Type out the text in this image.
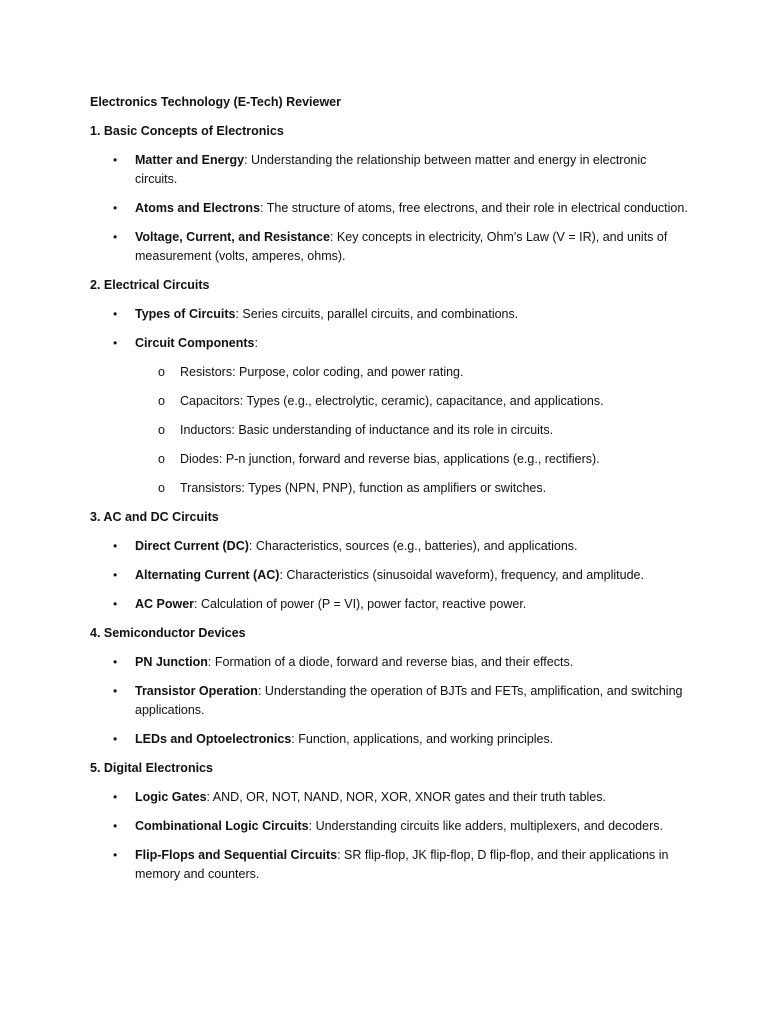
Electronics Technology (E-Tech) Reviewer
1. Basic Concepts of Electronics
• Matter and Energy: Understanding the relationship between matter and energy in electronic circuits.
• Atoms and Electrons: The structure of atoms, free electrons, and their role in electrical conduction.
• Voltage, Current, and Resistance: Key concepts in electricity, Ohm's Law (V = IR), and units of measurement (volts, amperes, ohms).
2. Electrical Circuits
• Types of Circuits: Series circuits, parallel circuits, and combinations.
• Circuit Components:
o Resistors: Purpose, color coding, and power rating.
o Capacitors: Types (e.g., electrolytic, ceramic), capacitance, and applications.
o Inductors: Basic understanding of inductance and its role in circuits.
o Diodes: P-n junction, forward and reverse bias, applications (e.g., rectifiers).
o Transistors: Types (NPN, PNP), function as amplifiers or switches.
3. AC and DC Circuits
• Direct Current (DC): Characteristics, sources (e.g., batteries), and applications.
• Alternating Current (AC): Characteristics (sinusoidal waveform), frequency, and amplitude.
• AC Power: Calculation of power (P = VI), power factor, reactive power.
4. Semiconductor Devices
• PN Junction: Formation of a diode, forward and reverse bias, and their effects.
• Transistor Operation: Understanding the operation of BJTs and FETs, amplification, and switching applications.
• LEDs and Optoelectronics: Function, applications, and working principles.
5. Digital Electronics
• Logic Gates: AND, OR, NOT, NAND, NOR, XOR, XNOR gates and their truth tables.
• Combinational Logic Circuits: Understanding circuits like adders, multiplexers, and decoders.
• Flip-Flops and Sequential Circuits: SR flip-flop, JK flip-flop, D flip-flop, and their applications in memory and counters.
